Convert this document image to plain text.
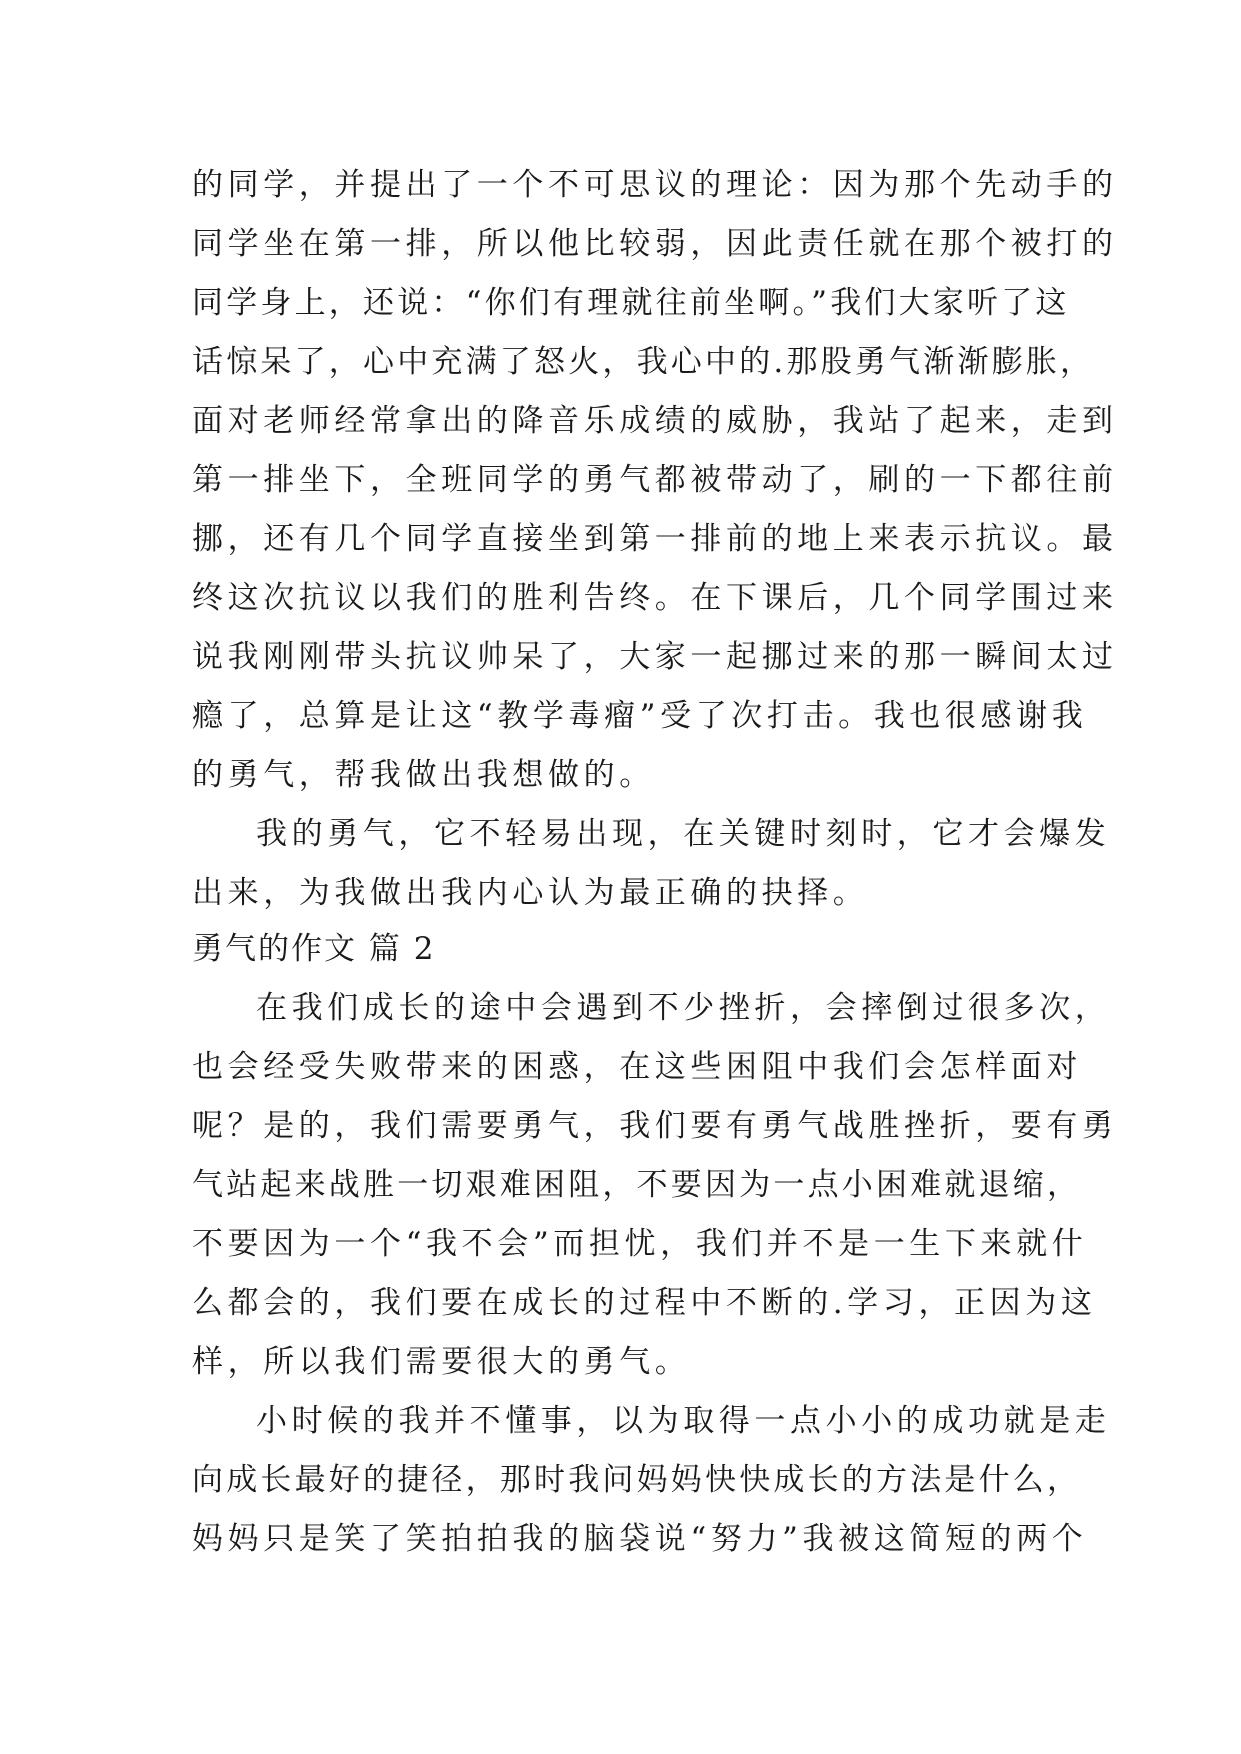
的同学，并提出了一个不可思议的理论：因为那个先动手的
同学坐在第一排，所以他比较弱，因此责任就在那个被打的
同学身上，还说：“你们有理就往前坐啊。”我们大家听了这
话惊呆了，心中充满了怒火，我心中的.那股勇气渐渐膨胀，
面对老师经常拿出的降音乐成绩的威胁，我站了起来，走到
第一排坐下，全班同学的勇气都被带动了，刷的一下都往前
挪，还有几个同学直接坐到第一排前的地上来表示抗议。最
终这次抗议以我们的胜利告终。在下课后，几个同学围过来
说我刚刚带头抗议帅呆了，大家一起挪过来的那一瞬间太过
瘾了，总算是让这“教学毒瘤”受了次打击。我也很感谢我
的勇气，帮我做出我想做的。
我的勇气，它不轻易出现，在关键时刻时，它才会爆发
出来，为我做出我内心认为最正确的抉择。
勇气的作文 篇 2
在我们成长的途中会遇到不少挫折，会摔倒过很多次，
也会经受失败带来的困惑，在这些困阻中我们会怎样面对
呢？是的，我们需要勇气，我们要有勇气战胜挫折，要有勇
气站起来战胜一切艰难困阻，不要因为一点小困难就退缩，
不要因为一个“我不会”而担忧，我们并不是一生下来就什
么都会的，我们要在成长的过程中不断的.学习，正因为这
样，所以我们需要很大的勇气。
小时候的我并不懂事，以为取得一点小小的成功就是走
向成长最好的捷径，那时我问妈妈快快成长的方法是什么，
妈妈只是笑了笑拍拍我的脑袋说“努力”我被这简短的两个
